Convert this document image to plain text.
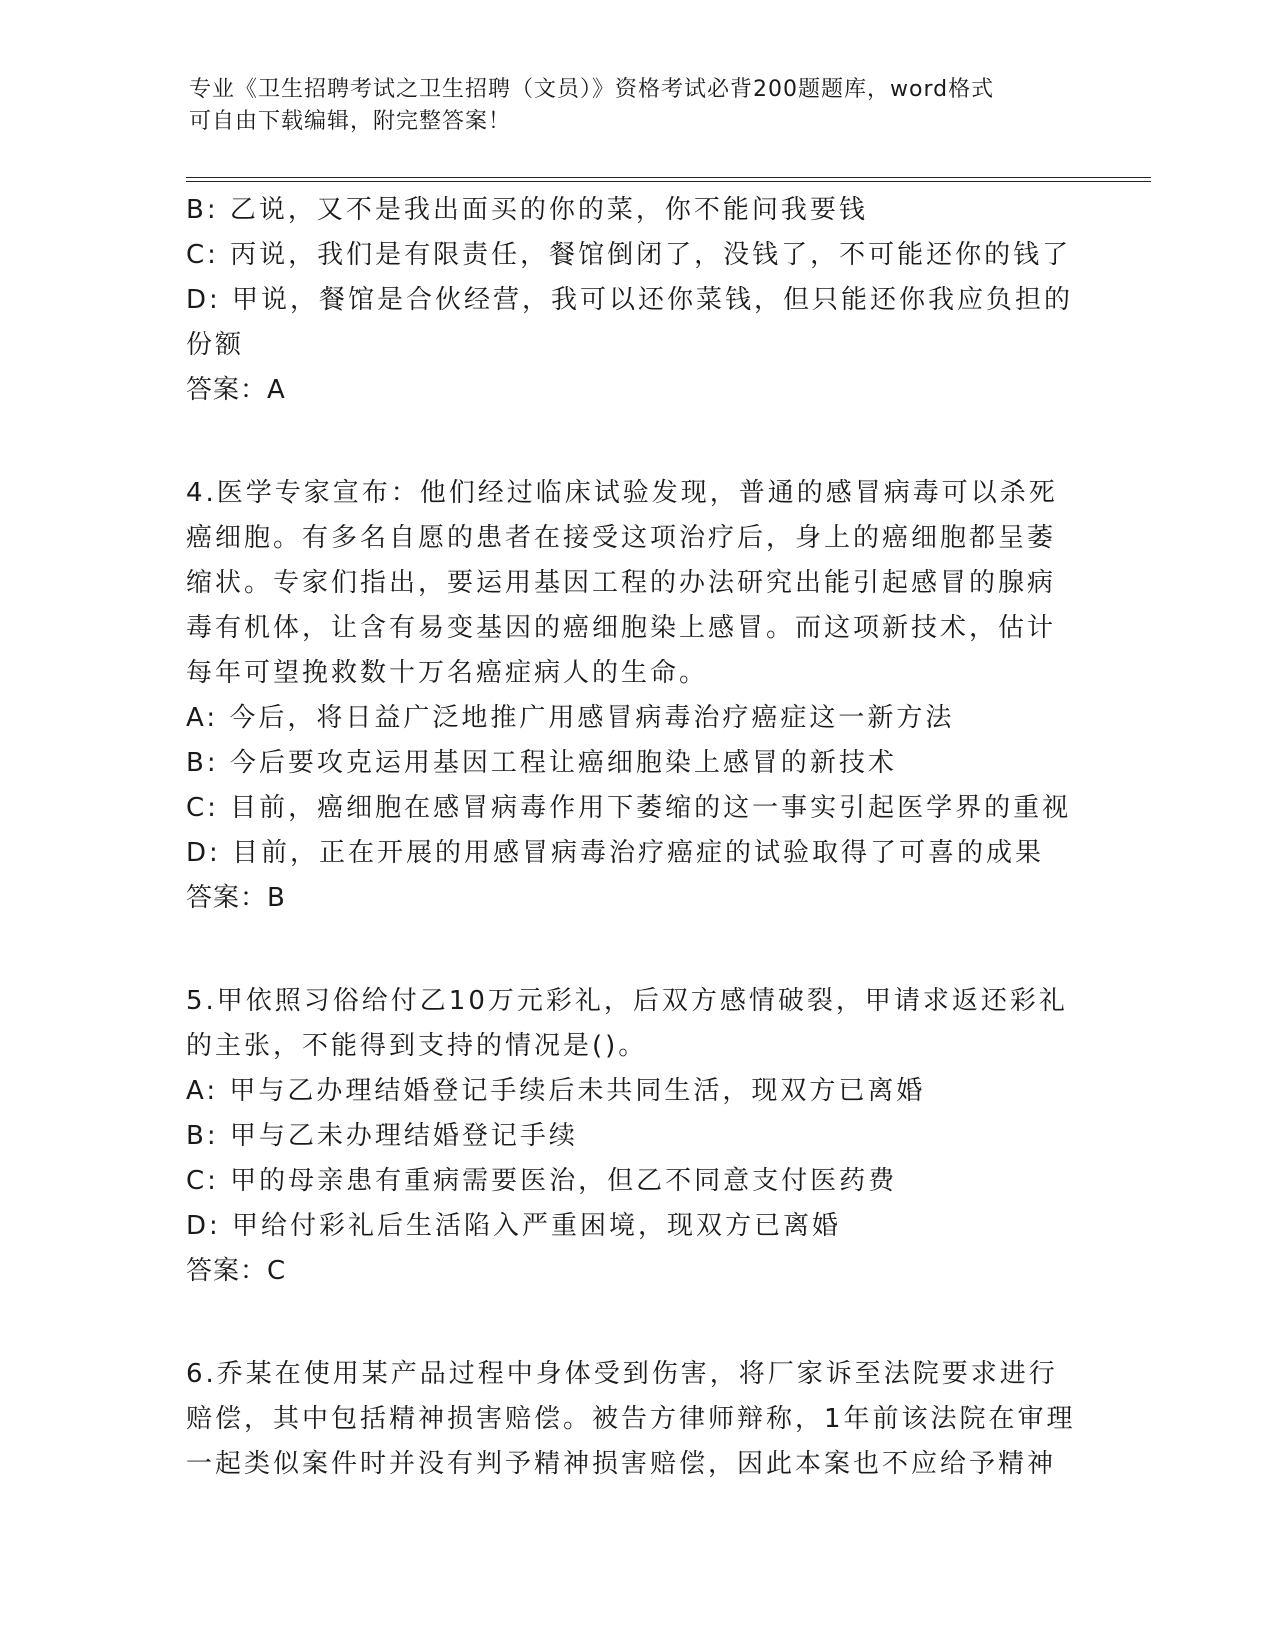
专业《卫生招聘考试之卫生招聘（文员）》资格考试必背200题题库，word格式
可自由下载编辑，附完整答案！
B: 乙说，又不是我出面买的你的菜，你不能问我要钱
C: 丙说，我们是有限责任，餐馆倒闭了，没钱了，不可能还你的钱了
D: 甲说，餐馆是合伙经营，我可以还你菜钱，但只能还你我应负担的
份额
答案：A
4.医学专家宣布：他们经过临床试验发现，普通的感冒病毒可以杀死
癌细胞。有多名自愿的患者在接受这项治疗后，身上的癌细胞都呈萎
缩状。专家们指出，要运用基因工程的办法研究出能引起感冒的腺病
毒有机体，让含有易变基因的癌细胞染上感冒。而这项新技术，估计
每年可望挽救数十万名癌症病人的生命。
A: 今后，将日益广泛地推广用感冒病毒治疗癌症这一新方法
B: 今后要攻克运用基因工程让癌细胞染上感冒的新技术
C: 目前，癌细胞在感冒病毒作用下萎缩的这一事实引起医学界的重视
D: 目前，正在开展的用感冒病毒治疗癌症的试验取得了可喜的成果
答案：B
5.甲依照习俗给付乙10万元彩礼，后双方感情破裂，甲请求返还彩礼
的主张，不能得到支持的情况是()。
A: 甲与乙办理结婚登记手续后未共同生活，现双方已离婚
B: 甲与乙未办理结婚登记手续
C: 甲的母亲患有重病需要医治，但乙不同意支付医药费
D: 甲给付彩礼后生活陷入严重困境，现双方已离婚
答案：C
6.乔某在使用某产品过程中身体受到伤害，将厂家诉至法院要求进行
赔偿，其中包括精神损害赔偿。被告方律师辩称，1年前该法院在审理
一起类似案件时并没有判予精神损害赔偿，因此本案也不应给予精神
